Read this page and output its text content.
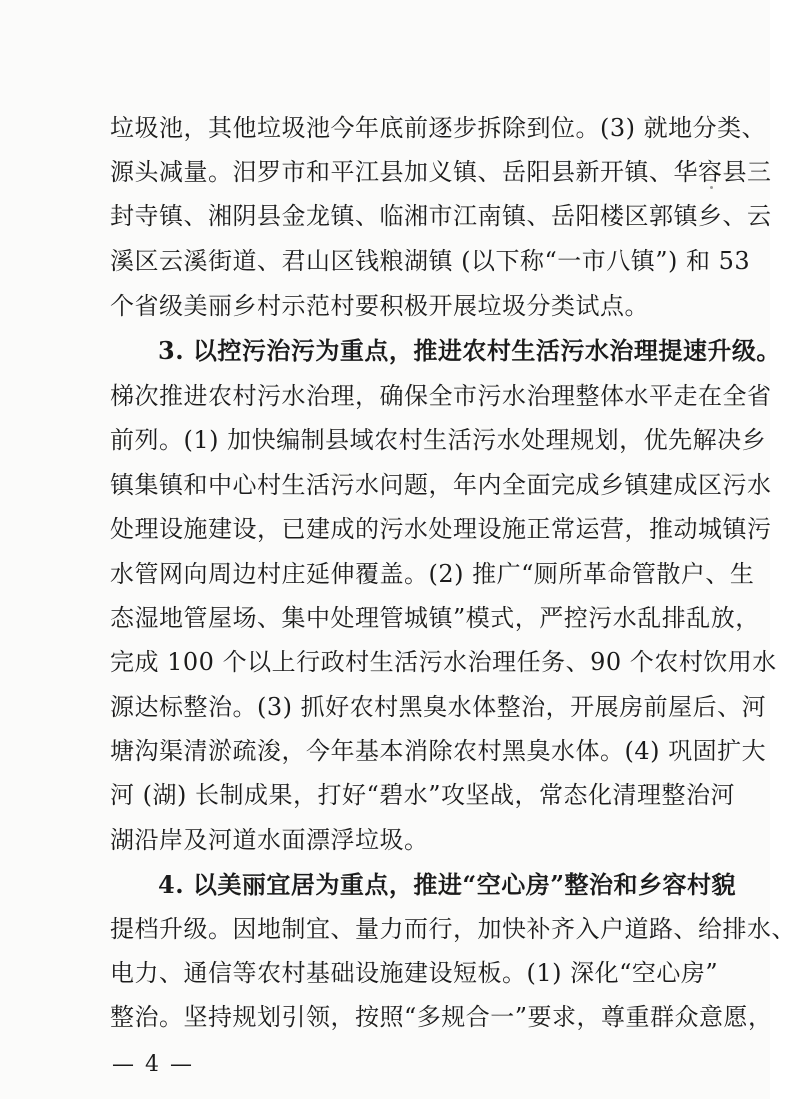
垃圾池，其他垃圾池今年底前逐步拆除到位。(3) 就地分类、
源头减量。汨罗市和平江县加义镇、岳阳县新开镇、华容县三
封寺镇、湘阴县金龙镇、临湘市江南镇、岳阳楼区郭镇乡、云
溪区云溪街道、君山区钱粮湖镇 (以下称“一市八镇”) 和 53
个省级美丽乡村示范村要积极开展垃圾分类试点。
3. 以控污治污为重点，推进农村生活污水治理提速升级。
梯次推进农村污水治理，确保全市污水治理整体水平走在全省
前列。(1) 加快编制县域农村生活污水处理规划，优先解决乡
镇集镇和中心村生活污水问题，年内全面完成乡镇建成区污水
处理设施建设，已建成的污水处理设施正常运营，推动城镇污
水管网向周边村庄延伸覆盖。(2) 推广“厕所革命管散户、生
态湿地管屋场、集中处理管城镇”模式，严控污水乱排乱放，
完成 100 个以上行政村生活污水治理任务、90 个农村饮用水
源达标整治。(3) 抓好农村黑臭水体整治，开展房前屋后、河
塘沟渠清淤疏浚，今年基本消除农村黑臭水体。(4) 巩固扩大
河 (湖) 长制成果，打好“碧水”攻坚战，常态化清理整治河
湖沿岸及河道水面漂浮垃圾。
4. 以美丽宜居为重点，推进“空心房”整治和乡容村貌
提档升级。因地制宜、量力而行，加快补齐入户道路、给排水、
电力、通信等农村基础设施建设短板。(1) 深化“空心房”
整治。坚持规划引领，按照“多规合一”要求，尊重群众意愿，
— 4 —
